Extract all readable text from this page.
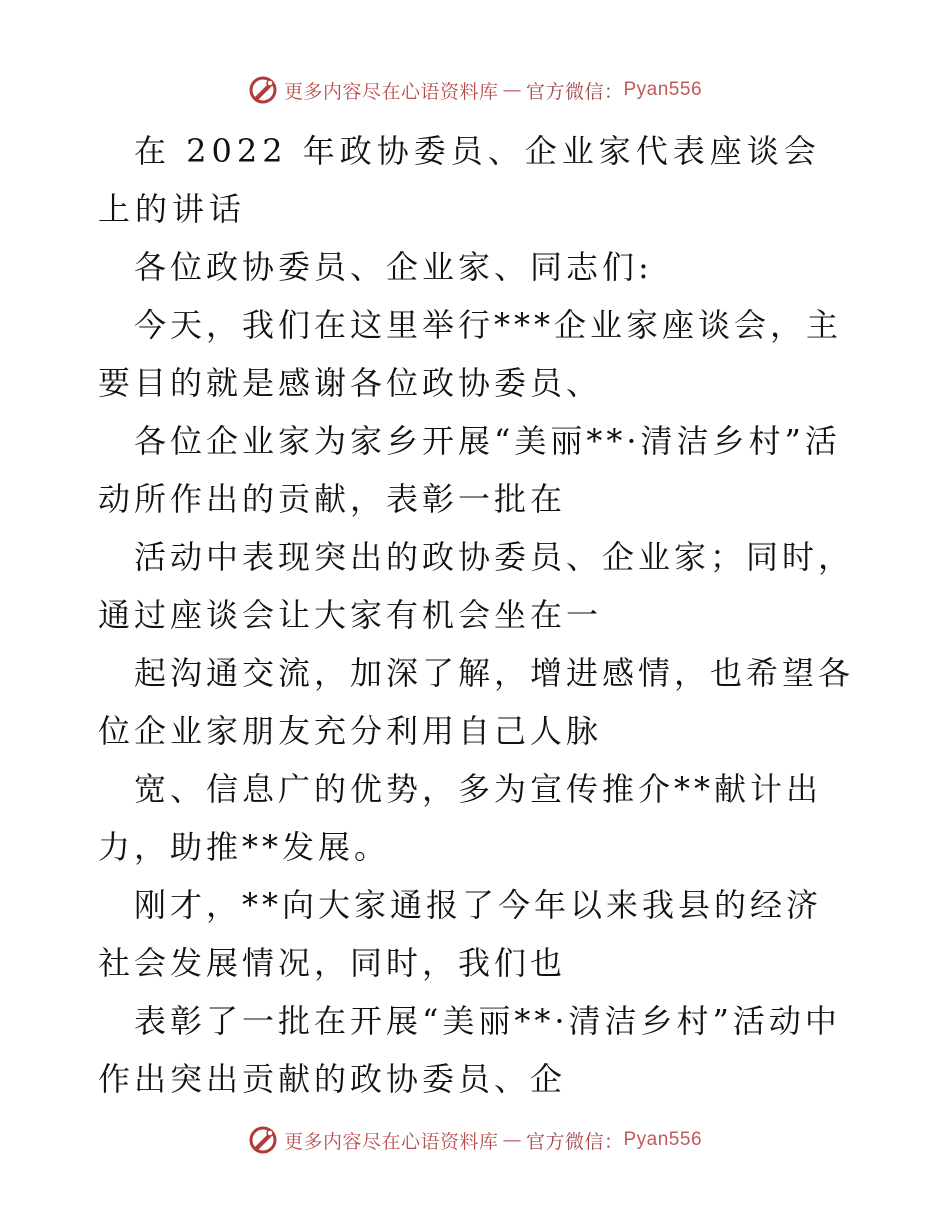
更多内容尽在心语资料库 — 官方微信： Pyan556

在 2022 年政协委员、企业家代表座谈会上的讲话

各位政协委员、企业家、同志们:

今天，我们在这里举行***企业家座谈会，主要目的就是感谢各位政协委员、

各位企业家为家乡开展“美丽**·清洁乡村”活动所作出的贡献，表彰一批在

活动中表现突出的政协委员、企业家；同时，通过座谈会让大家有机会坐在一

起沟通交流，加深了解，增进感情，也希望各位企业家朋友充分利用自己人脉

宽、信息广的优势，多为宣传推介**献计出力，助推**发展。

刚才，**向大家通报了今年以来我县的经济社会发展情况，同时，我们也

表彰了一批在开展“美丽**·清洁乡村”活动中作出突出贡献的政协委员、企

更多内容尽在心语资料库 — 官方微信： Pyan556
